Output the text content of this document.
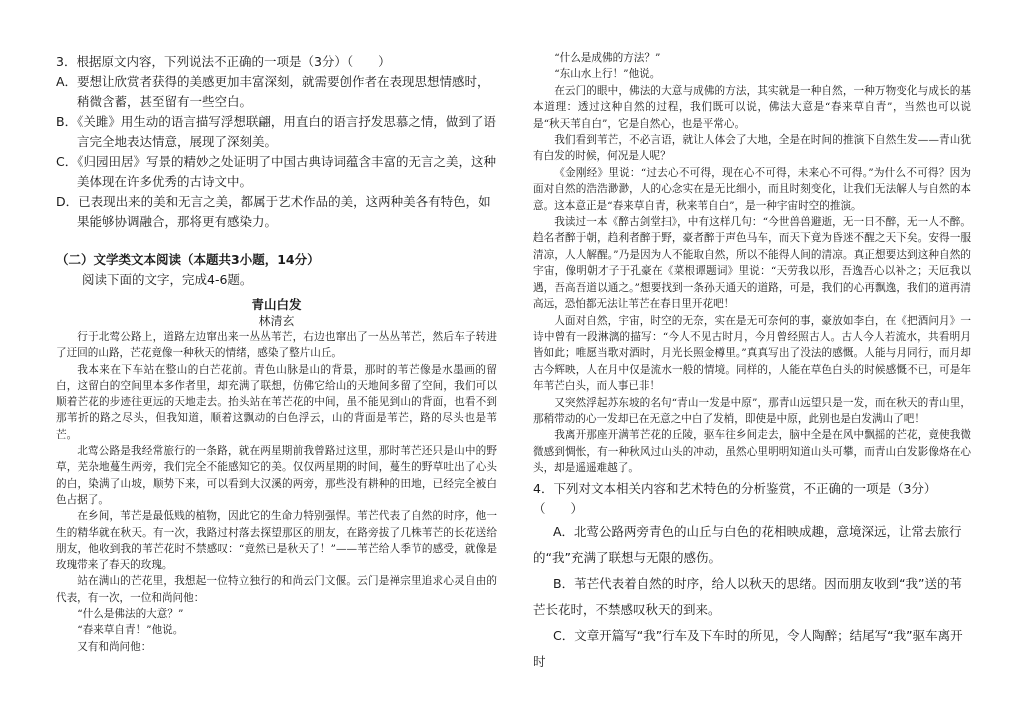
3．根据原文内容，下列说法不正确的一项是（3分）（　　）
A．要想让欣赏者获得的美感更加丰富深刻，就需要创作者在表现思想情感时，稍微含蓄，甚至留有一些空白。
B．《关雎》用生动的语言描写浮想联翩，用直白的语言抒发思慕之情，做到了语言完全地表达情意，展现了深刻美。
C．《归园田居》写景的精妙之处证明了中国古典诗词蕴含丰富的无言之美，这种美体现在许多优秀的古诗文中。
D．已表现出来的美和无言之美，都属于艺术作品的美，这两种美各有特色，如果能够协调融合，那将更有感染力。
（二）文学类文本阅读（本题共3小题，14分）
阅读下面的文字，完成4-6题。
青山白发
林清玄

行于北莺公路上，道路左边窜出来一丛丛苇芒，右边也窜出了一丛丛苇芒，然后车子转进了迂回的山路，芒花竟像一种秋天的情绪，感染了整片山丘。

我本来在下车站在整山的白芒花前。青色山脉是山的背景，那时的苇芒像是水墨画的留白，这留白的空间里本多作者里，却充满了联想，仿佛它给山的天地间多留了空间，我们可以顺着芒花的步迹往更远的天地走去。抬头站在苇芒花的中间，虽不能见到山的背面，也看不到那苇折的路之尽头，但我知道，顺着这飘动的白色浮云，山的背面是苇芒，路的尽头也是苇芒。

北莺公路是我经常旅行的一条路，就在两星期前我曾路过这里，那时苇芒还只是山中的野草，芜杂地蔓生两旁，我们完全不能感知它的美。仅仅两星期的时间，蔓生的野草吐出了心头的白，染满了山坡，顺势下来，可以看到大汉溪的两旁，那些没有耕种的田地，已经完全被白色占据了。

在乡间，苇芒是最低贱的植物，因此它的生命力特别强悍。苇芒代表了自然的时序，他一生的精华就在秋天。有一次，我路过村落去探望那区的朋友，在路旁拔了几株苇芒的长花送给朋友，他收到我的苇芒花时不禁感叹：“竟然已是秋天了！”——苇芒给人季节的感受，就像是玫瑰带来了春天的玫瑰。

站在满山的芒花里，我想起一位特立独行的和尚云门文偃。云门是禅宗里追求心灵自由的代表，有一次，一位和尚问他：

“什么是佛法的大意？”

“春来草自青！”他说。

又有和尚问他：

“什么是成佛的方法？”

“东山水上行！”他说。

在云门的眼中，佛法的大意与成佛的方法，其实就是一种自然，一种万物变化与成长的基本道理：透过这种自然的过程，我们既可以说，佛法大意是“春来草自青”，当然也可以说是“秋天苇自白”，它是自然心，也是平常心。

我们看到苇芒，不必言语，就让人体会了大地，全是在时间的推演下自然生发——青山犹有白发的时候，何况是人呢？

《金刚经》里说：“过去心不可得，现在心不可得，未来心不可得。”为什么不可得？因为面对自然的浩浩渺渺，人的心念实在是无比细小，而且时刻变化，让我们无法解人与自然的本意。这本意正是“春来草自青，秋来苇自白”，是一种宇宙时空的推演。

我读过一本《醉古剑堂扫》，中有这样几句：“今世兽兽避逝，无一日不醉，无一人不醉。趋名者醉于朝，趋利者醉于野，豪者醉于声色马车，而天下竟为昏迷不醒之天下矣。安得一服清凉，人人解醒。”乃是因为人不能取自然，所以不能得人间的清凉。真正想要达到这种自然的宇宙，像明朝才子于孔豪在《菜根谭题词》里说：“天劳我以形，吾逸吾心以补之；天厄我以遇，吾高吾道以通之。”想要找到一条孙天通天的道路，可是，我们的心再飘逸，我们的道再清高远，恐怕都无法让苇芒在春日里开花吧！

人面对自然，宇宙，时空的无奈，实在是无可奈何的事，豪放如李白，在《把酒问月》一诗中曾有一段淋漓的描写：“今人不见古时月，今月曾经照古人。古人今人若流水，共看明月皆如此；唯愿当歌对酒时，月光长照金樽里。”真真写出了没法的感慨。人能与月同行，而月却古今辉映，人在月中仅是流水一般的情境。同样的，人能在草色白头的时候感慨不已，可是年年苇芒白头，而人事已非！

又突然浮起苏东坡的名句“青山一发是中原”，那青山远望只是一发，而在秋天的青山里，那稍带动的心一发却已在无意之中白了发梢，即使是中原，此别也是白发满山了吧！

我离开那座开满苇芒花的丘陵，驱车往乡间走去，脑中全是在风中飘摇的芒花，竟使我微微感到惆怅，有一种秋风过山头的冲动，虽然心里明明知道山头可攀，而青山白发影像烙在心头，却是遥遥难越了。

4．下列对文本相关内容和艺术特色的分析鉴赏，不正确的一项是（3分）（　　）
A．北莺公路两旁青色的山丘与白色的花相映成趣，意境深远，让常去旅行的“我”充满了联想与无限的感伤。
B．苇芒代表着自然的时序，给人以秋天的思绪。因而朋友收到“我”送的苇芒长花时，不禁感叹秋天的到来。
C．文章开篇写“我”行车及下车时的所见，令人陶醉；结尾写“我”驱车离开时
